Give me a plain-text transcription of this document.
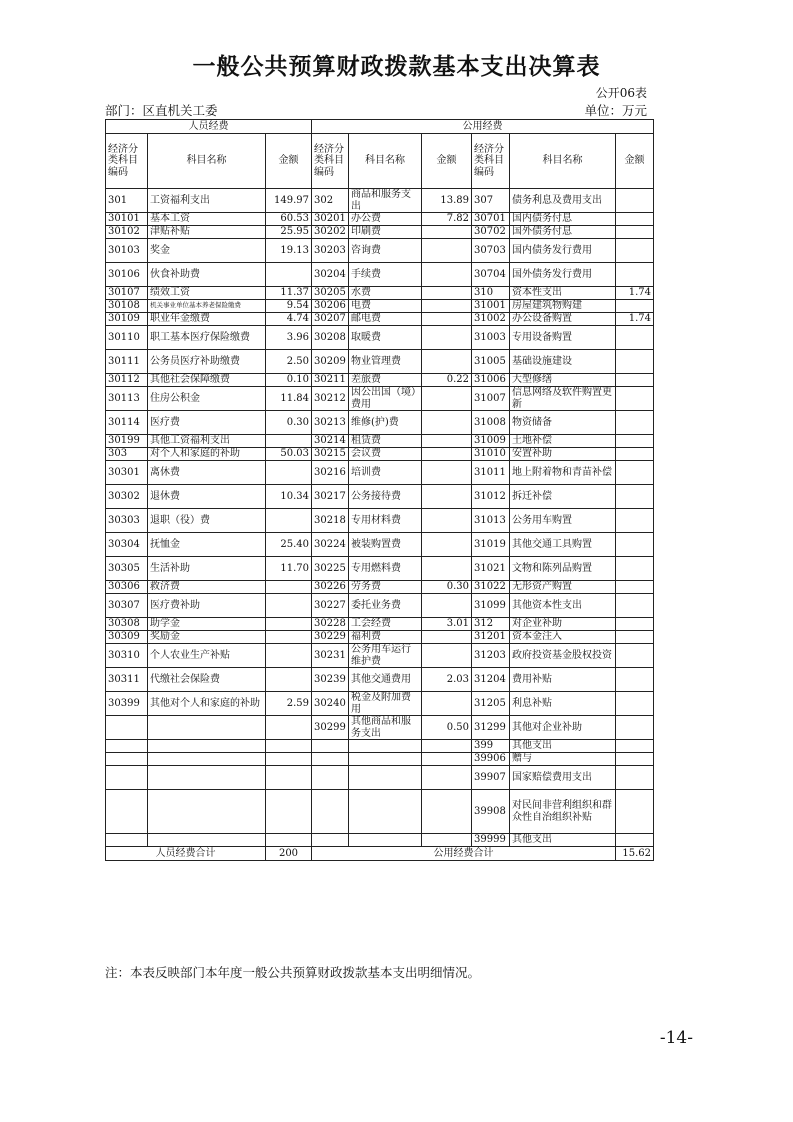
一般公共预算财政拨款基本支出决算表
公开06表
部门：区直机关工委	单位：万元
人员经费			公用经费					
经济分类科目编码	科目名称	金额	经济分类科目编码	科目名称	金额	经济分类科目编码	科目名称	金额
301	工资福利支出	149.97	302	商品和服务支出	13.89	307	债务利息及费用支出	
30101	基本工资	60.53	30201	办公费	7.82	30701	国内债务付息	
30102	津贴补贴	25.95	30202	印刷费		30702	国外债务付息	
30103	奖金	19.13	30203	咨询费		30703	国内债务发行费用	
30106	伙食补助费		30204	手续费		30704	国外债务发行费用	
30107	绩效工资	11.37	30205	水费		310	资本性支出	1.74
30108	机关事业单位基本养老保险缴费	9.54	30206	电费		31001	房屋建筑物购建	
30109	职业年金缴费	4.74	30207	邮电费		31002	办公设备购置	1.74
30110	职工基本医疗保险缴费	3.96	30208	取暖费		31003	专用设备购置	
30111	公务员医疗补助缴费	2.50	30209	物业管理费		31005	基础设施建设	
30112	其他社会保障缴费	0.10	30211	差旅费	0.22	31006	大型修缮	
30113	住房公积金	11.84	30212	因公出国（境）费用		31007	信息网络及软件购置更新	
30114	医疗费	0.30	30213	维修(护)费		31008	物资储备	
30199	其他工资福利支出		30214	租赁费		31009	土地补偿	
303	对个人和家庭的补助	50.03	30215	会议费		31010	安置补助	
30301	离休费		30216	培训费		31011	地上附着物和青苗补偿	
30302	退休费	10.34	30217	公务接待费		31012	拆迁补偿	
30303	退职（役）费		30218	专用材料费		31013	公务用车购置	
30304	抚恤金	25.40	30224	被装购置费		31019	其他交通工具购置	
30305	生活补助	11.70	30225	专用燃料费		31021	文物和陈列品购置	
30306	救济费		30226	劳务费	0.30	31022	无形资产购置	
30307	医疗费补助		30227	委托业务费		31099	其他资本性支出	
30308	助学金		30228	工会经费	3.01	312	对企业补助	
30309	奖励金		30229	福利费		31201	资本金注入	
30310	个人农业生产补贴		30231	公务用车运行维护费		31203	政府投资基金股权投资	
30311	代缴社会保险费		30239	其他交通费用	2.03	31204	费用补贴	
30399	其他对个人和家庭的补助	2.59	30240	税金及附加费用		31205	利息补贴	
			30299	其他商品和服务支出	0.50	31299	其他对企业补助	
						399	其他支出	
						39906	赠与	
						39907	国家赔偿费用支出	
						39908	对民间非营利组织和群众性自治组织补贴	
						39999	其他支出	
人员经费合计		200	公用经费合计					15.62
注：本表反映部门本年度一般公共预算财政拨款基本支出明细情况。
-14-
